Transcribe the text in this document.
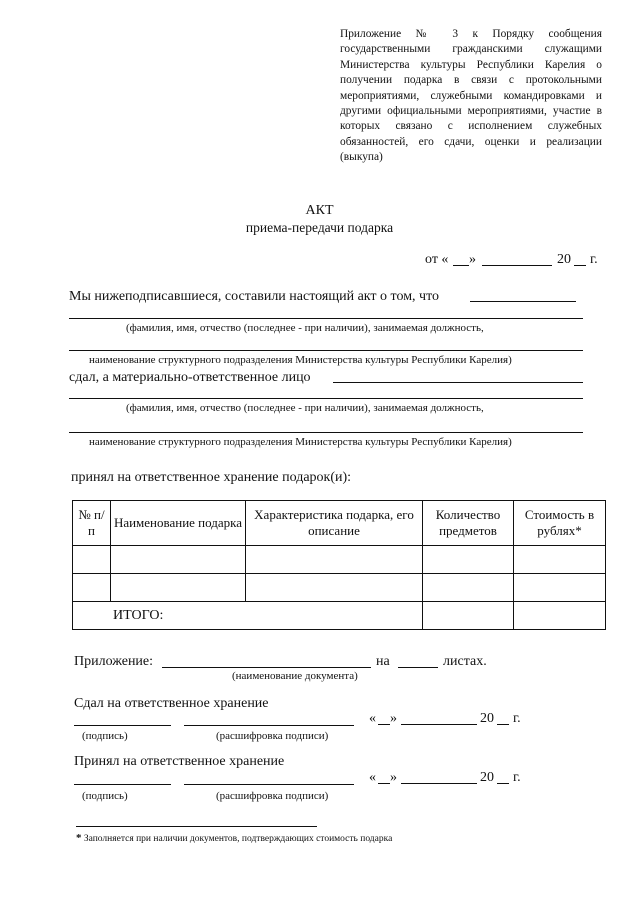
Приложение № 3 к Порядку сообщения государственными гражданскими служащими Министерства культуры Республики Карелия о получении подарка в связи с протокольными мероприятиями, служебными командировками и другими официальными мероприятиями, участие в которых связано с исполнением служебных обязанностей, его сдачи, оценки и реализации (выкупа)
АКТ
приема-передачи подарка
от « »	20 г.
Мы нижеподписавшиеся, составили настоящий акт о том, что
(фамилия, имя, отчество (последнее - при наличии), занимаемая должность,
наименование структурного подразделения Министерства культуры Республики Карелия)
сдал, а материально-ответственное лицо
(фамилия, имя, отчество (последнее - при наличии), занимаемая должность,
наименование структурного подразделения Министерства культуры Республики Карелия)
принял на ответственное хранение подарок(и):
№ п/п	Наименование подарка	Характеристика подарка, его описание	Количество предметов	Стоимость в рублях*

ИТОГО:				
Приложение:	на	листах.
(наименование документа)
Сдал на ответственное хранение
« »	20 г.
(подпись)	(расшифровка подписи)
Принял на ответственное хранение
« »	20 г.
(подпись)	(расшифровка подписи)
* Заполняется при наличии документов, подтверждающих стоимость подарка
